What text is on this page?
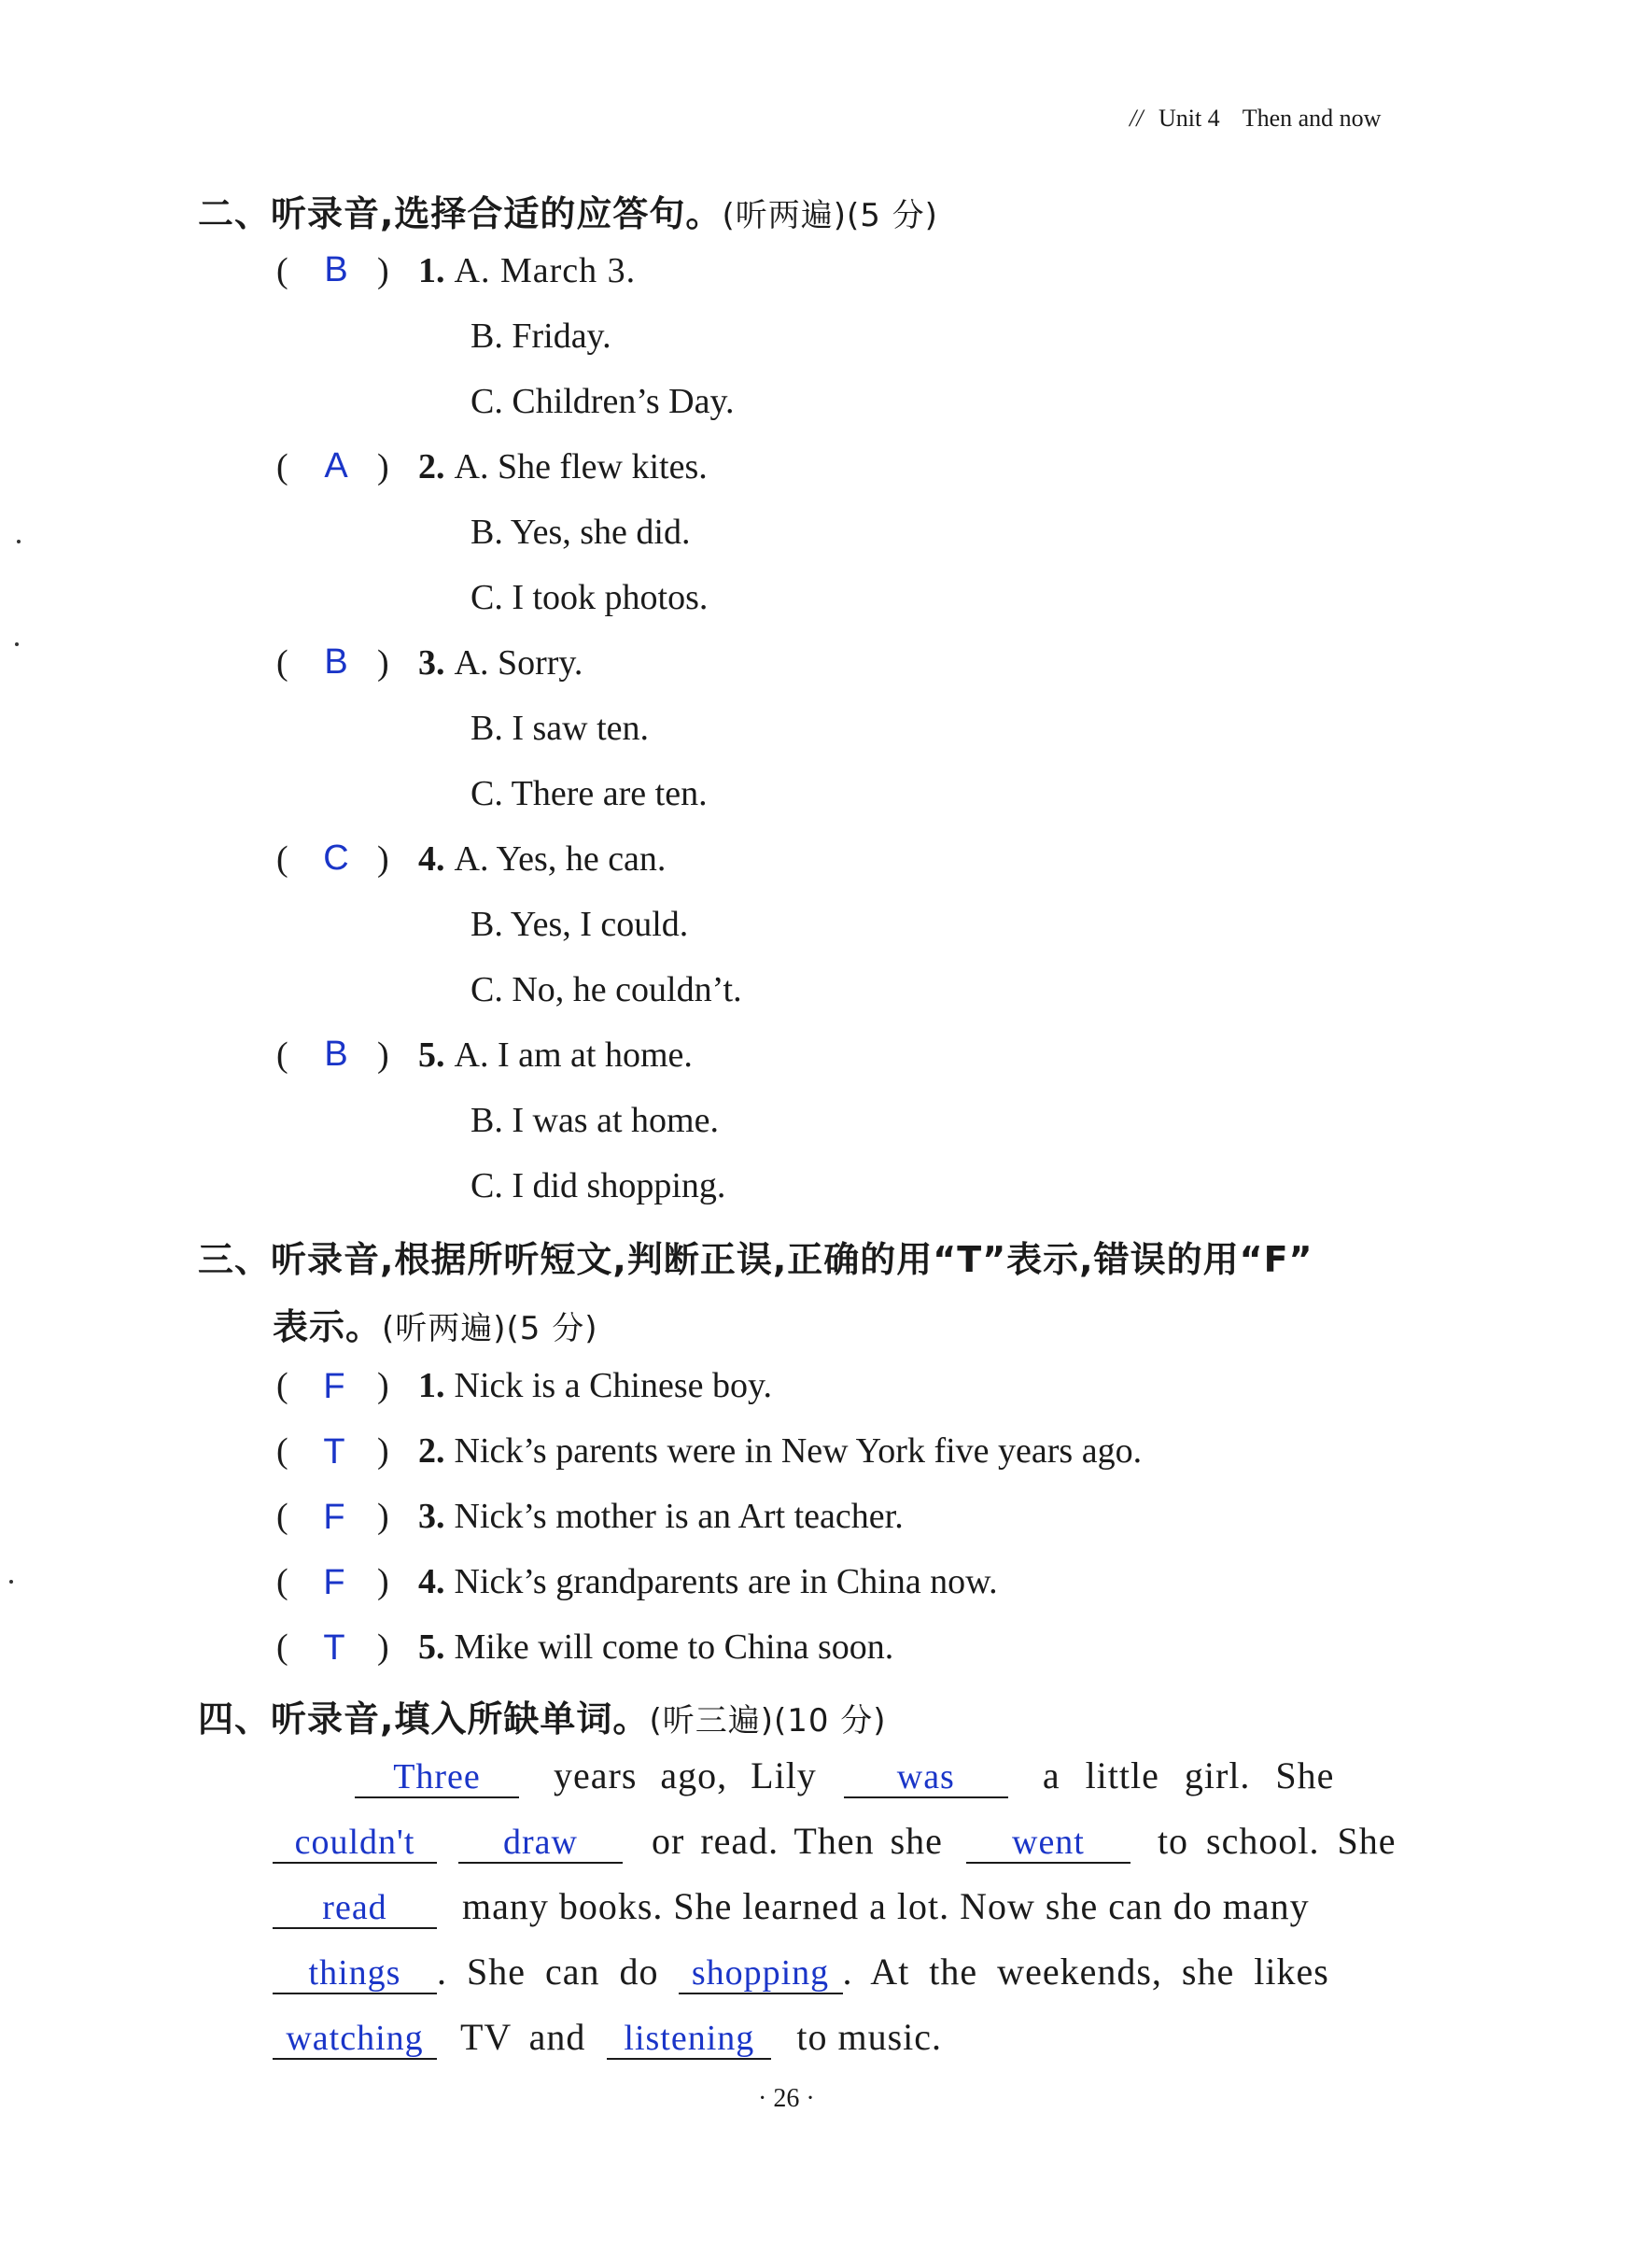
// Unit 4 Then and now
二、听录音,选择合适的应答句。(听两遍)(5 分)
( B ) 1. A. March 3.
B. Friday.
C. Children’s Day.
( A ) 2. A. She flew kites.
B. Yes, she did.
C. I took photos.
( B ) 3. A. Sorry.
B. I saw ten.
C. There are ten.
( C ) 4. A. Yes, he can.
B. Yes, I could.
C. No, he couldn’t.
( B ) 5. A. I am at home.
B. I was at home.
C. I did shopping.
三、听录音,根据所听短文,判断正误,正确的用“T”表示,错误的用“F”
表示。(听两遍)(5 分)
( F ) 1. Nick is a Chinese boy.
( T ) 2. Nick’s parents were in New York five years ago.
( F ) 3. Nick’s mother is an Art teacher.
( F ) 4. Nick’s grandparents are in China now.
( T ) 5. Mike will come to China soon.
四、听录音,填入所缺单词。(听三遍)(10 分)
Three years ago, Lily was a little girl. She
couldn't draw or read. Then she went to school. She
read many books. She learned a lot. Now she can do many
things . She can do shopping . At the weekends, she likes
watching TV and listening to music.
· 26 ·
